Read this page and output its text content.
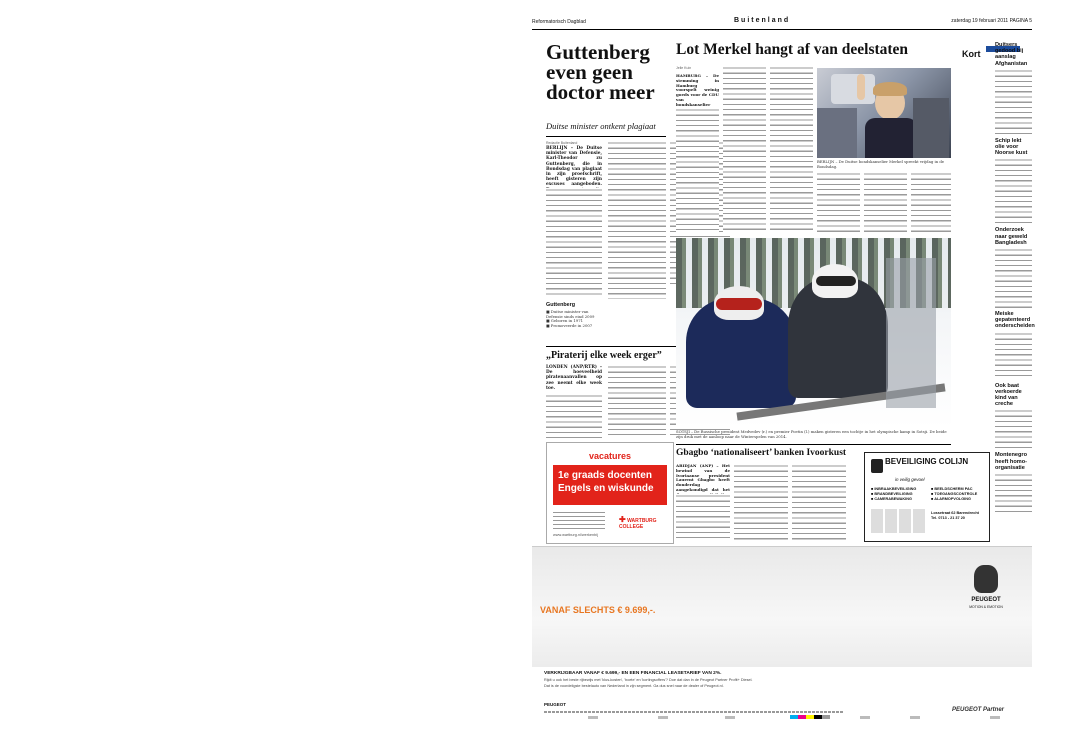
Reformatorisch Dagblad	Buitenland	zaterdag 19 februari 2011 PAGINA 5
Guttenberg even geen doctor meer
Duitse minister ontkent plagiaat
Redactie Buitenland
BERLIJN – De Duitse minister van Defensie, Karl-Theodor zu Guttenberg, die in Bondsdag van plagiaat in zijn proefschrift, heeft gisteren zijn excuses aangeboden.
Guttenberg
■ Duitse minister van Defensie sinds eind 2009
■ Geboren in 1971
■ Promoveerde in 2007
„Piraterij elke week erger”
LONDEN (ANP/RTR) – De hoeveelheid piratenaanvallen op zee neemt elke week toe.
vacatures
1e graads docenten Engels en wiskunde
www.wartburg.nl/werkenbij
✚ WARTBURG COLLEGE
Lot Merkel hangt af van deelstaten
Jelle Kuin
HAMBURG – De stemming in Hamburg voorspelt weinig goeds voor de CDU van bondskanselier
BERLIJN – De Duitse bondskanselier Merkel spreekt vrijdag in de Bondsdag.
SOTSJI – De Russische president Medvedev (r.) en premier Poetin (l.) maken gisteren een tochtje in het olympische kamp in Sotsji. De beide zijn druk met de aanloop naar de Winterspelen van 2014.
Kort
Duitsers gedood bij aanslag Afghanistan
Schip lekt olie voor Noorse kust
Onderzoek naar geweld Bangladesh
Meiske gepatenteerd onderscheiden
Ook baat verkoerde kind van creche
Montenegro heeft homo-organisatie
Gbagbo ‘nationaliseert’ banken Ivoorkust
ABIDJAN (ANP) – Het bewind van de Ivoriaanse president Laurent Gbagbo heeft donderdag aangekondigd dat het
BEVEILIGING COLIJN
in veilig gevoel
■ INBRAAKBEVEILIGING
■ BRANDBEVEILIGING
■ CAMERABEWAKING
■ BEELDSCHERM PAC
■ TOEGANGSCONTROLE
■ ALARMOPVOLGING
Lossetraat 62 Barendrecht
Tel. 0713 - 21 37 20
VANAF SLECHTS € 9.699,-.
PEUGEOT
MOTION & EMOTION
VERKRIJGBAAR VANAF € 9.699,- EN EEN FINANCIAL LEASETARIEF VAN 2%.
Rijdt u ook het beste rijbewijs met 'klus-kosten', 'boete' en 'kortingsoffers'? Doe dat dan in de Peugeot Partner Profit+ Diesel.
Dat is de voordeligste bestelauto van Nederland in zijn segment. Ga dus snel naar de dealer of Peugeot.nl.
PEUGEOT
PEUGEOT Partner
